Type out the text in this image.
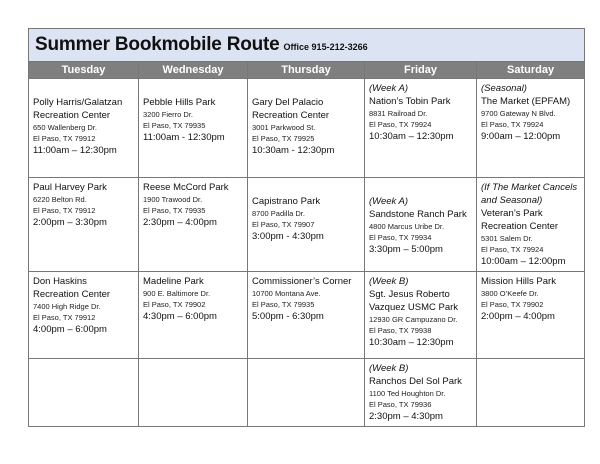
Summer Bookmobile Route Office 915-212-3266				
Tuesday	Wednesday	Thursday	Friday	Saturday

Polly Harris/Galatzan Recreation Center
650 Wallenberg Dr.
El Paso, TX 79912
11:00am – 12:30pm	Pebble Hills Park
3200 Fierro Dr.
El Paso, TX 79935
11:00am - 12:30pm	Gary Del Palacio Recreation Center
3001 Parkwood St.
El Paso, TX 79925
10:30am - 12:30pm	(Week A)
Nation’s Tobin Park
8831 Railroad Dr.
El Paso, TX 79924
10:30am – 12:30pm	(Seasonal)
The Market (EPFAM)
9700 Gateway N Blvd.
El Paso, TX 79924
9:00am – 12:00pm

Paul Harvey Park
6220 Belton Rd.
El Paso, TX 79912
2:00pm – 3:30pm	Reese McCord Park
1900 Trawood Dr.
El Paso, TX 79935
2:30pm – 4:00pm	Capistrano Park
8700 Padilla Dr.
El Paso, TX 79907
3:00pm - 4:30pm	(Week A)
Sandstone Ranch Park
4800 Marcus Uribe Dr.
El Paso, TX 79934
3:30pm – 5:00pm	(If The Market Cancels and Seasonal)
Veteran’s Park Recreation Center
5301 Salem Dr.
El Paso, TX 79924
10:00am – 12:00pm

Don Haskins Recreation Center
7400 High Ridge Dr.
El Paso, TX 79912
4:00pm – 6:00pm	Madeline Park
900 E. Baltimore Dr.
El Paso, TX 79902
4:30pm – 6:00pm	Commissioner’s Corner
10700 Montana Ave.
El Paso, TX 79935
5:00pm - 6:30pm	(Week B)
Sgt. Jesus Roberto Vazquez USMC Park
12930 GR Campuzano Dr.
El Paso, TX 79938
10:30am – 12:30pm	Mission Hills Park
3800 O’Keefe Dr.
El Paso, TX 79902
2:00pm – 4:00pm

			(Week B)
Ranchos Del Sol Park
1100 Ted Houghton Dr.
El Paso, TX 79936
2:30pm – 4:30pm	
